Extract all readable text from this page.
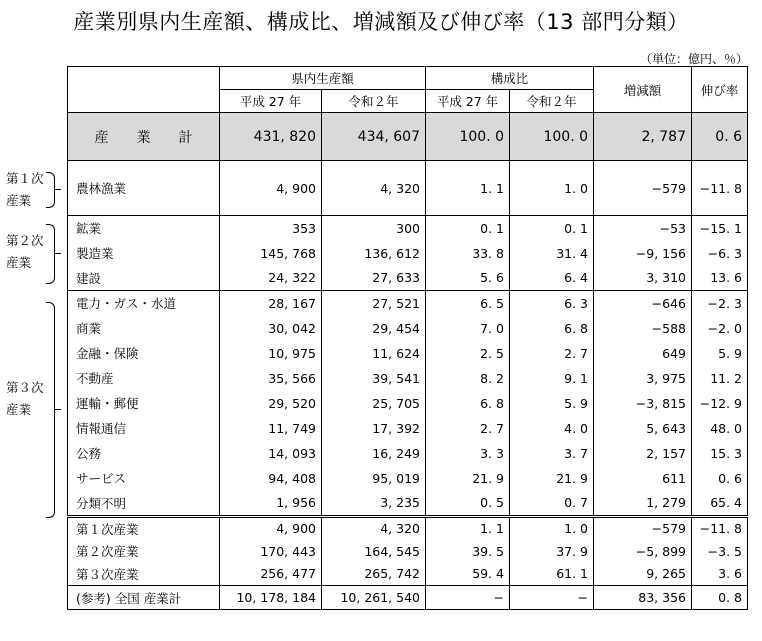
産業別県内生産額、構成比、増減額及び伸び率（13 部門分類）
（単位：億円、％）
第１次
産業
第２次
産業
第３次
産業
	県内生産額		構成比		増減額	伸び率
	平成 27 年	令和２年	平成 27 年	令和２年		
産　　業　　計	431, 820	434, 607	100. 0	100. 0	2, 787	0. 6
農林漁業	4, 900	4, 320	1. 1	1. 0	−579	−11. 8
鉱業	353	300	0. 1	0. 1	−53	−15. 1
製造業	145, 768	136, 612	33. 8	31. 4	−9, 156	−6. 3
建設	24, 322	27, 633	5. 6	6. 4	3, 310	13. 6
電力・ガス・水道	28, 167	27, 521	6. 5	6. 3	−646	−2. 3
商業	30, 042	29, 454	7. 0	6. 8	−588	−2. 0
金融・保険	10, 975	11, 624	2. 5	2. 7	649	5. 9
不動産	35, 566	39, 541	8. 2	9. 1	3, 975	11. 2
運輸・郵便	29, 520	25, 705	6. 8	5. 9	−3, 815	−12. 9
情報通信	11, 749	17, 392	2. 7	4. 0	5, 643	48. 0
公務	14, 093	16, 249	3. 3	3. 7	2, 157	15. 3
サービス	94, 408	95, 019	21. 9	21. 9	611	0. 6
分類不明	1, 956	3, 235	0. 5	0. 7	1, 279	65. 4
第１次産業	4, 900	4, 320	1. 1	1. 0	−579	−11. 8
第２次産業	170, 443	164, 545	39. 5	37. 9	−5, 899	−3. 5
第３次産業	256, 477	265, 742	59. 4	61. 1	9, 265	3. 6
(参考) 全国 産業計	10, 178, 184	10, 261, 540	−	−	83, 356	0. 8
